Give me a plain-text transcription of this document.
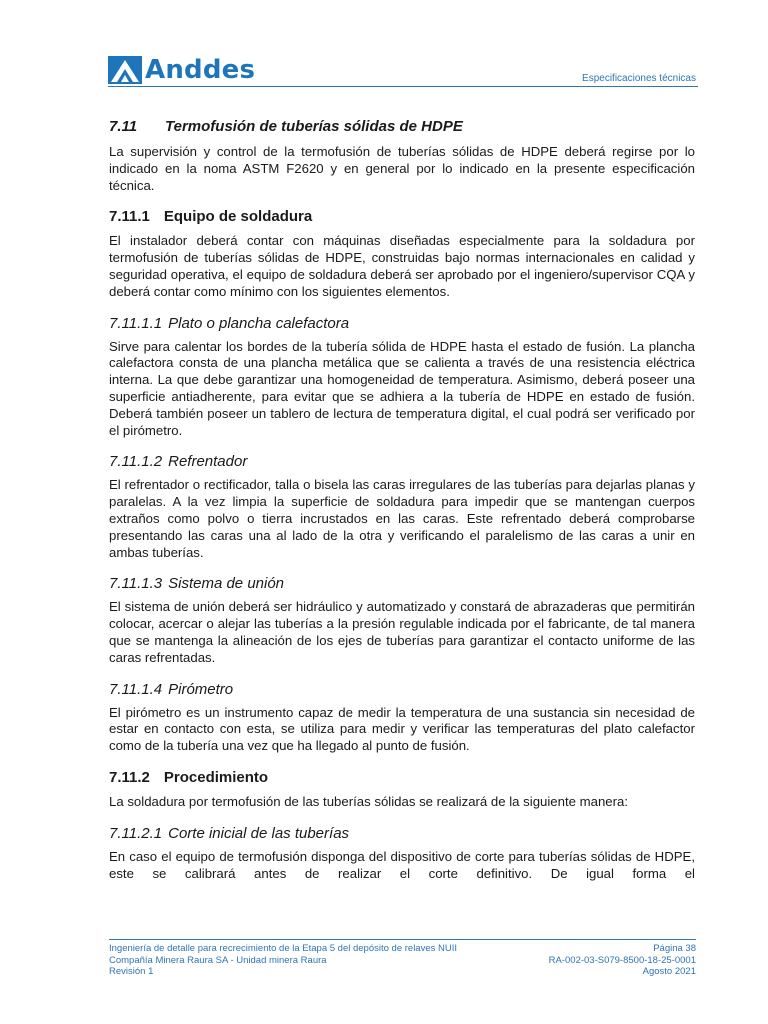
Anddes	Especificaciones técnicas
7.11	Termofusión de tuberías sólidas de HDPE

La supervisión y control de la termofusión de tuberías sólidas de HDPE deberá regirse por lo indicado en la noma ASTM F2620 y en general por lo indicado en la presente especificación técnica.

7.11.1 Equipo de soldadura

El instalador deberá contar con máquinas diseñadas especialmente para la soldadura por termofusión de tuberías sólidas de HDPE, construidas bajo normas internacionales en calidad y seguridad operativa, el equipo de soldadura deberá ser aprobado por el ingeniero/supervisor CQA y deberá contar como mínimo con los siguientes elementos.

7.11.1.1 Plato o plancha calefactora

Sirve para calentar los bordes de la tubería sólida de HDPE hasta el estado de fusión. La plancha calefactora consta de una plancha metálica que se calienta a través de una resistencia eléctrica interna. La que debe garantizar una homogeneidad de temperatura. Asimismo, deberá poseer una superficie antiadherente, para evitar que se adhiera a la tubería de HDPE en estado de fusión. Deberá también poseer un tablero de lectura de temperatura digital, el cual podrá ser verificado por el pirómetro.

7.11.1.2 Refrentador

El refrentador o rectificador, talla o bisela las caras irregulares de las tuberías para dejarlas planas y paralelas. A la vez limpia la superficie de soldadura para impedir que se mantengan cuerpos extraños como polvo o tierra incrustados en las caras. Este refrentado deberá comprobarse presentando las caras una al lado de la otra y verificando el paralelismo de las caras a unir en ambas tuberías.

7.11.1.3 Sistema de unión

El sistema de unión deberá ser hidráulico y automatizado y constará de abrazaderas que permitirán colocar, acercar o alejar las tuberías a la presión regulable indicada por el fabricante, de tal manera que se mantenga la alineación de los ejes de tuberías para garantizar el contacto uniforme de las caras refrentadas.

7.11.1.4 Pirómetro

El pirómetro es un instrumento capaz de medir la temperatura de una sustancia sin necesidad de estar en contacto con esta, se utiliza para medir y verificar las temperaturas del plato calefactor como de la tubería una vez que ha llegado al punto de fusión.

7.11.2 Procedimiento

La soldadura por termofusión de las tuberías sólidas se realizará de la siguiente manera:

7.11.2.1 Corte inicial de las tuberías

En caso el equipo de termofusión disponga del dispositivo de corte para tuberías sólidas de HDPE, este se calibrará antes de realizar el corte definitivo. De igual forma el

Ingeniería de detalle para recrecimiento de la Etapa 5 del depósito de relaves NUII
Compañía Minera Raura SA - Unidad minera Raura
Revisión 1
Página 38
RA-002-03-S079-8500-18-25-0001
Agosto 2021
